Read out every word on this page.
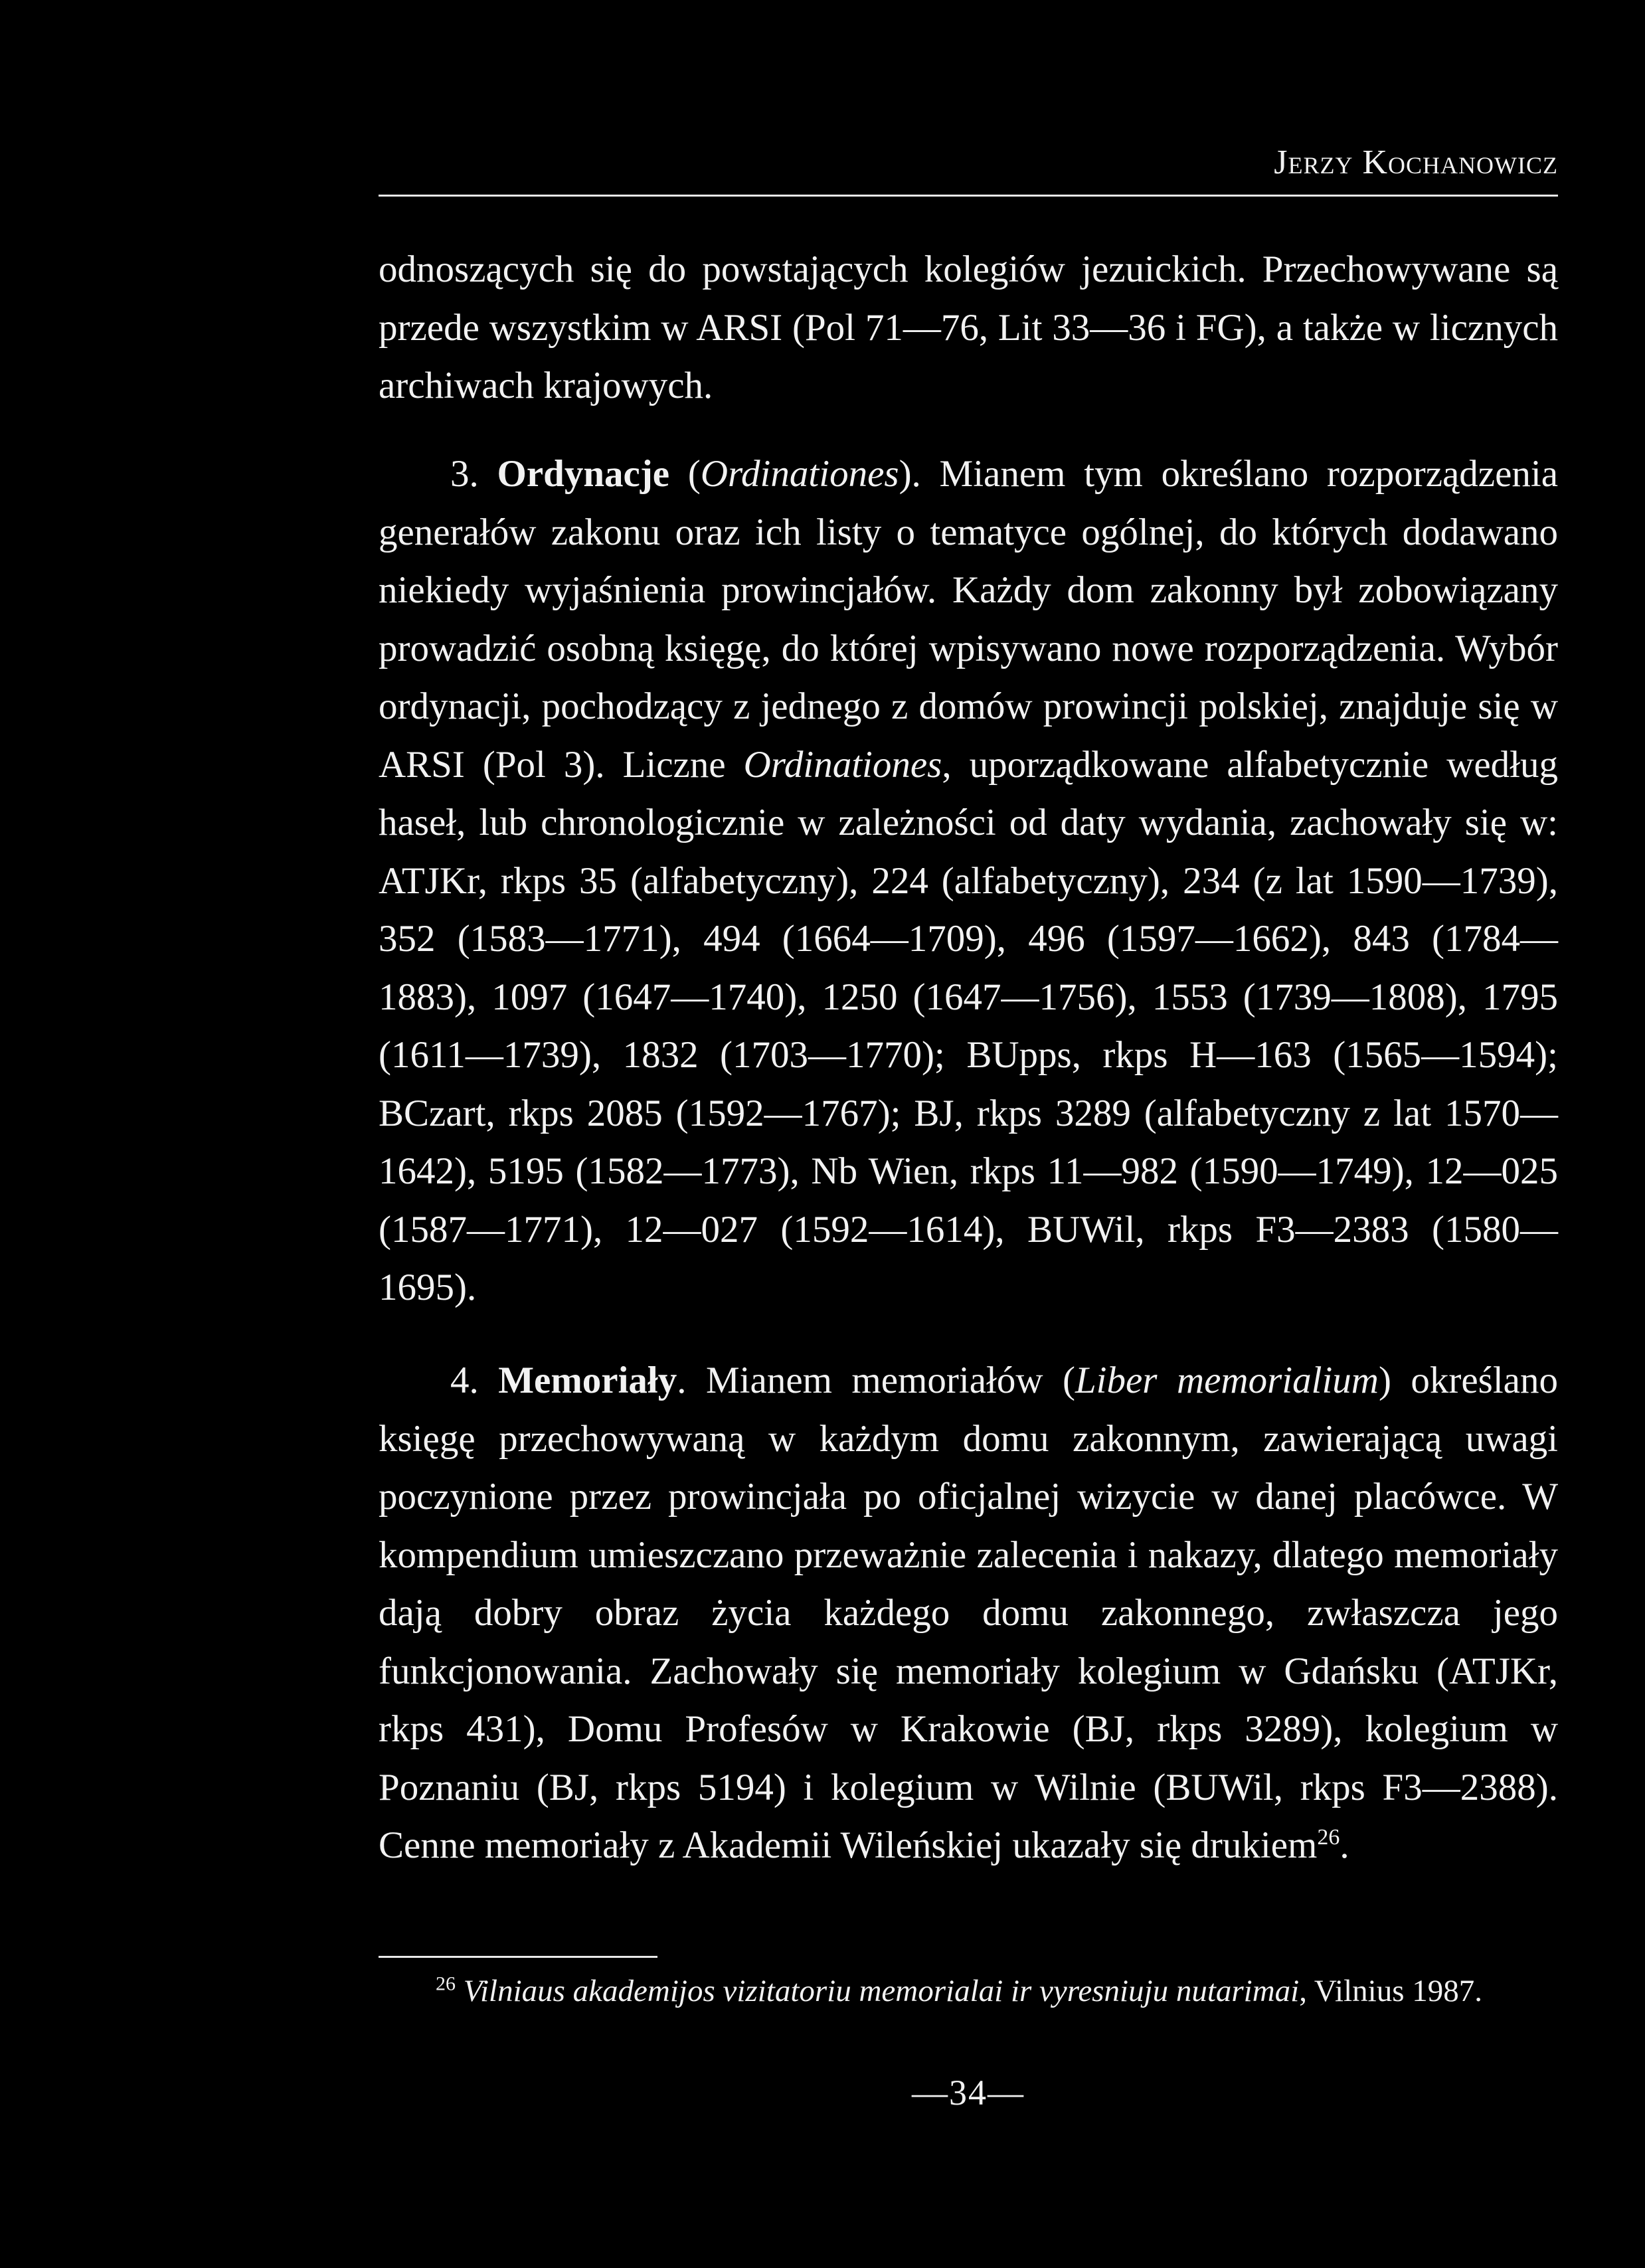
Jerzy Kochanowicz

odnoszących się do powstających kolegiów jezuickich. Przechowywane są przede wszystkim w ARSI (Pol 71—76, Lit 33—36 i FG), a także w licznych archiwach krajowych.

3. Ordynacje (Ordinationes). Mianem tym określano rozporządzenia generałów zakonu oraz ich listy o tematyce ogólnej, do których dodawano niekiedy wyjaśnienia prowincjałów. Każdy dom zakonny był zobowiązany prowadzić osobną księgę, do której wpisywano nowe rozporządzenia. Wybór ordynacji, pochodzący z jednego z domów prowincji polskiej, znajduje się w ARSI (Pol 3). Liczne Ordinationes, uporządkowane alfabetycznie według haseł, lub chronologicznie w zależności od daty wydania, zachowały się w: ATJKr, rkps 35 (alfabetyczny), 224 (alfabetyczny), 234 (z lat 1590—1739), 352 (1583—1771), 494 (1664—1709), 496 (1597—1662), 843 (1784—1883), 1097 (1647—1740), 1250 (1647—1756), 1553 (1739—1808), 1795 (1611—1739), 1832 (1703—1770); BUpps, rkps H—163 (1565—1594); BCzart, rkps 2085 (1592—1767); BJ, rkps 3289 (alfabetyczny z lat 1570—1642), 5195 (1582—1773), Nb Wien, rkps 11—982 (1590—1749), 12—025 (1587—1771), 12—027 (1592—1614), BUWil, rkps F3—2383 (1580—1695).

4. Memoriały. Mianem memoriałów (Liber memorialium) określano księgę przechowywaną w każdym domu zakonnym, zawierającą uwagi poczynione przez prowincjała po oficjalnej wizycie w danej placówce. W kompendium umieszczano przeważnie zalecenia i nakazy, dlatego memoriały dają dobry obraz życia każdego domu zakonnego, zwłaszcza jego funkcjonowania. Zachowały się memoriały kolegium w Gdańsku (ATJKr, rkps 431), Domu Profesów w Krakowie (BJ, rkps 3289), kolegium w Poznaniu (BJ, rkps 5194) i kolegium w Wilnie (BUWil, rkps F3—2388). Cenne memoriały z Akademii Wileńskiej ukazały się drukiem$^{26}$.

$^{26}$ Vilniaus akademijos vizitatoriu memorialai ir vyresniuju nutarimai, Vilnius 1987.
—34—
